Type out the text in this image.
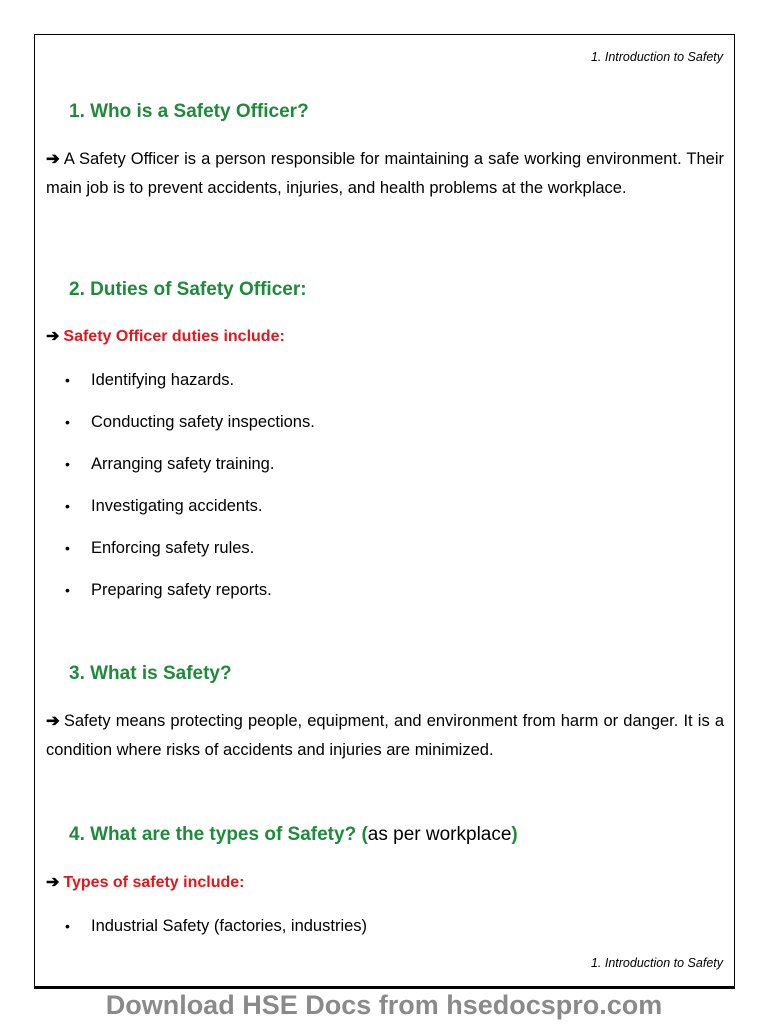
1. Introduction to Safety
1. Who is a Safety Officer?
➔ A Safety Officer is a person responsible for maintaining a safe working environment. Their main job is to prevent accidents, injuries, and health problems at the workplace.
2. Duties of Safety Officer:
➔ Safety Officer duties include:
• Identifying hazards.
• Conducting safety inspections.
• Arranging safety training.
• Investigating accidents.
• Enforcing safety rules.
• Preparing safety reports.
3. What is Safety?
➔ Safety means protecting people, equipment, and environment from harm or danger. It is a condition where risks of accidents and injuries are minimized.
4. What are the types of Safety? (as per workplace)
➔ Types of safety include:
• Industrial Safety (factories, industries)
1. Introduction to Safety
Download HSE Docs from hsedocspro.com
